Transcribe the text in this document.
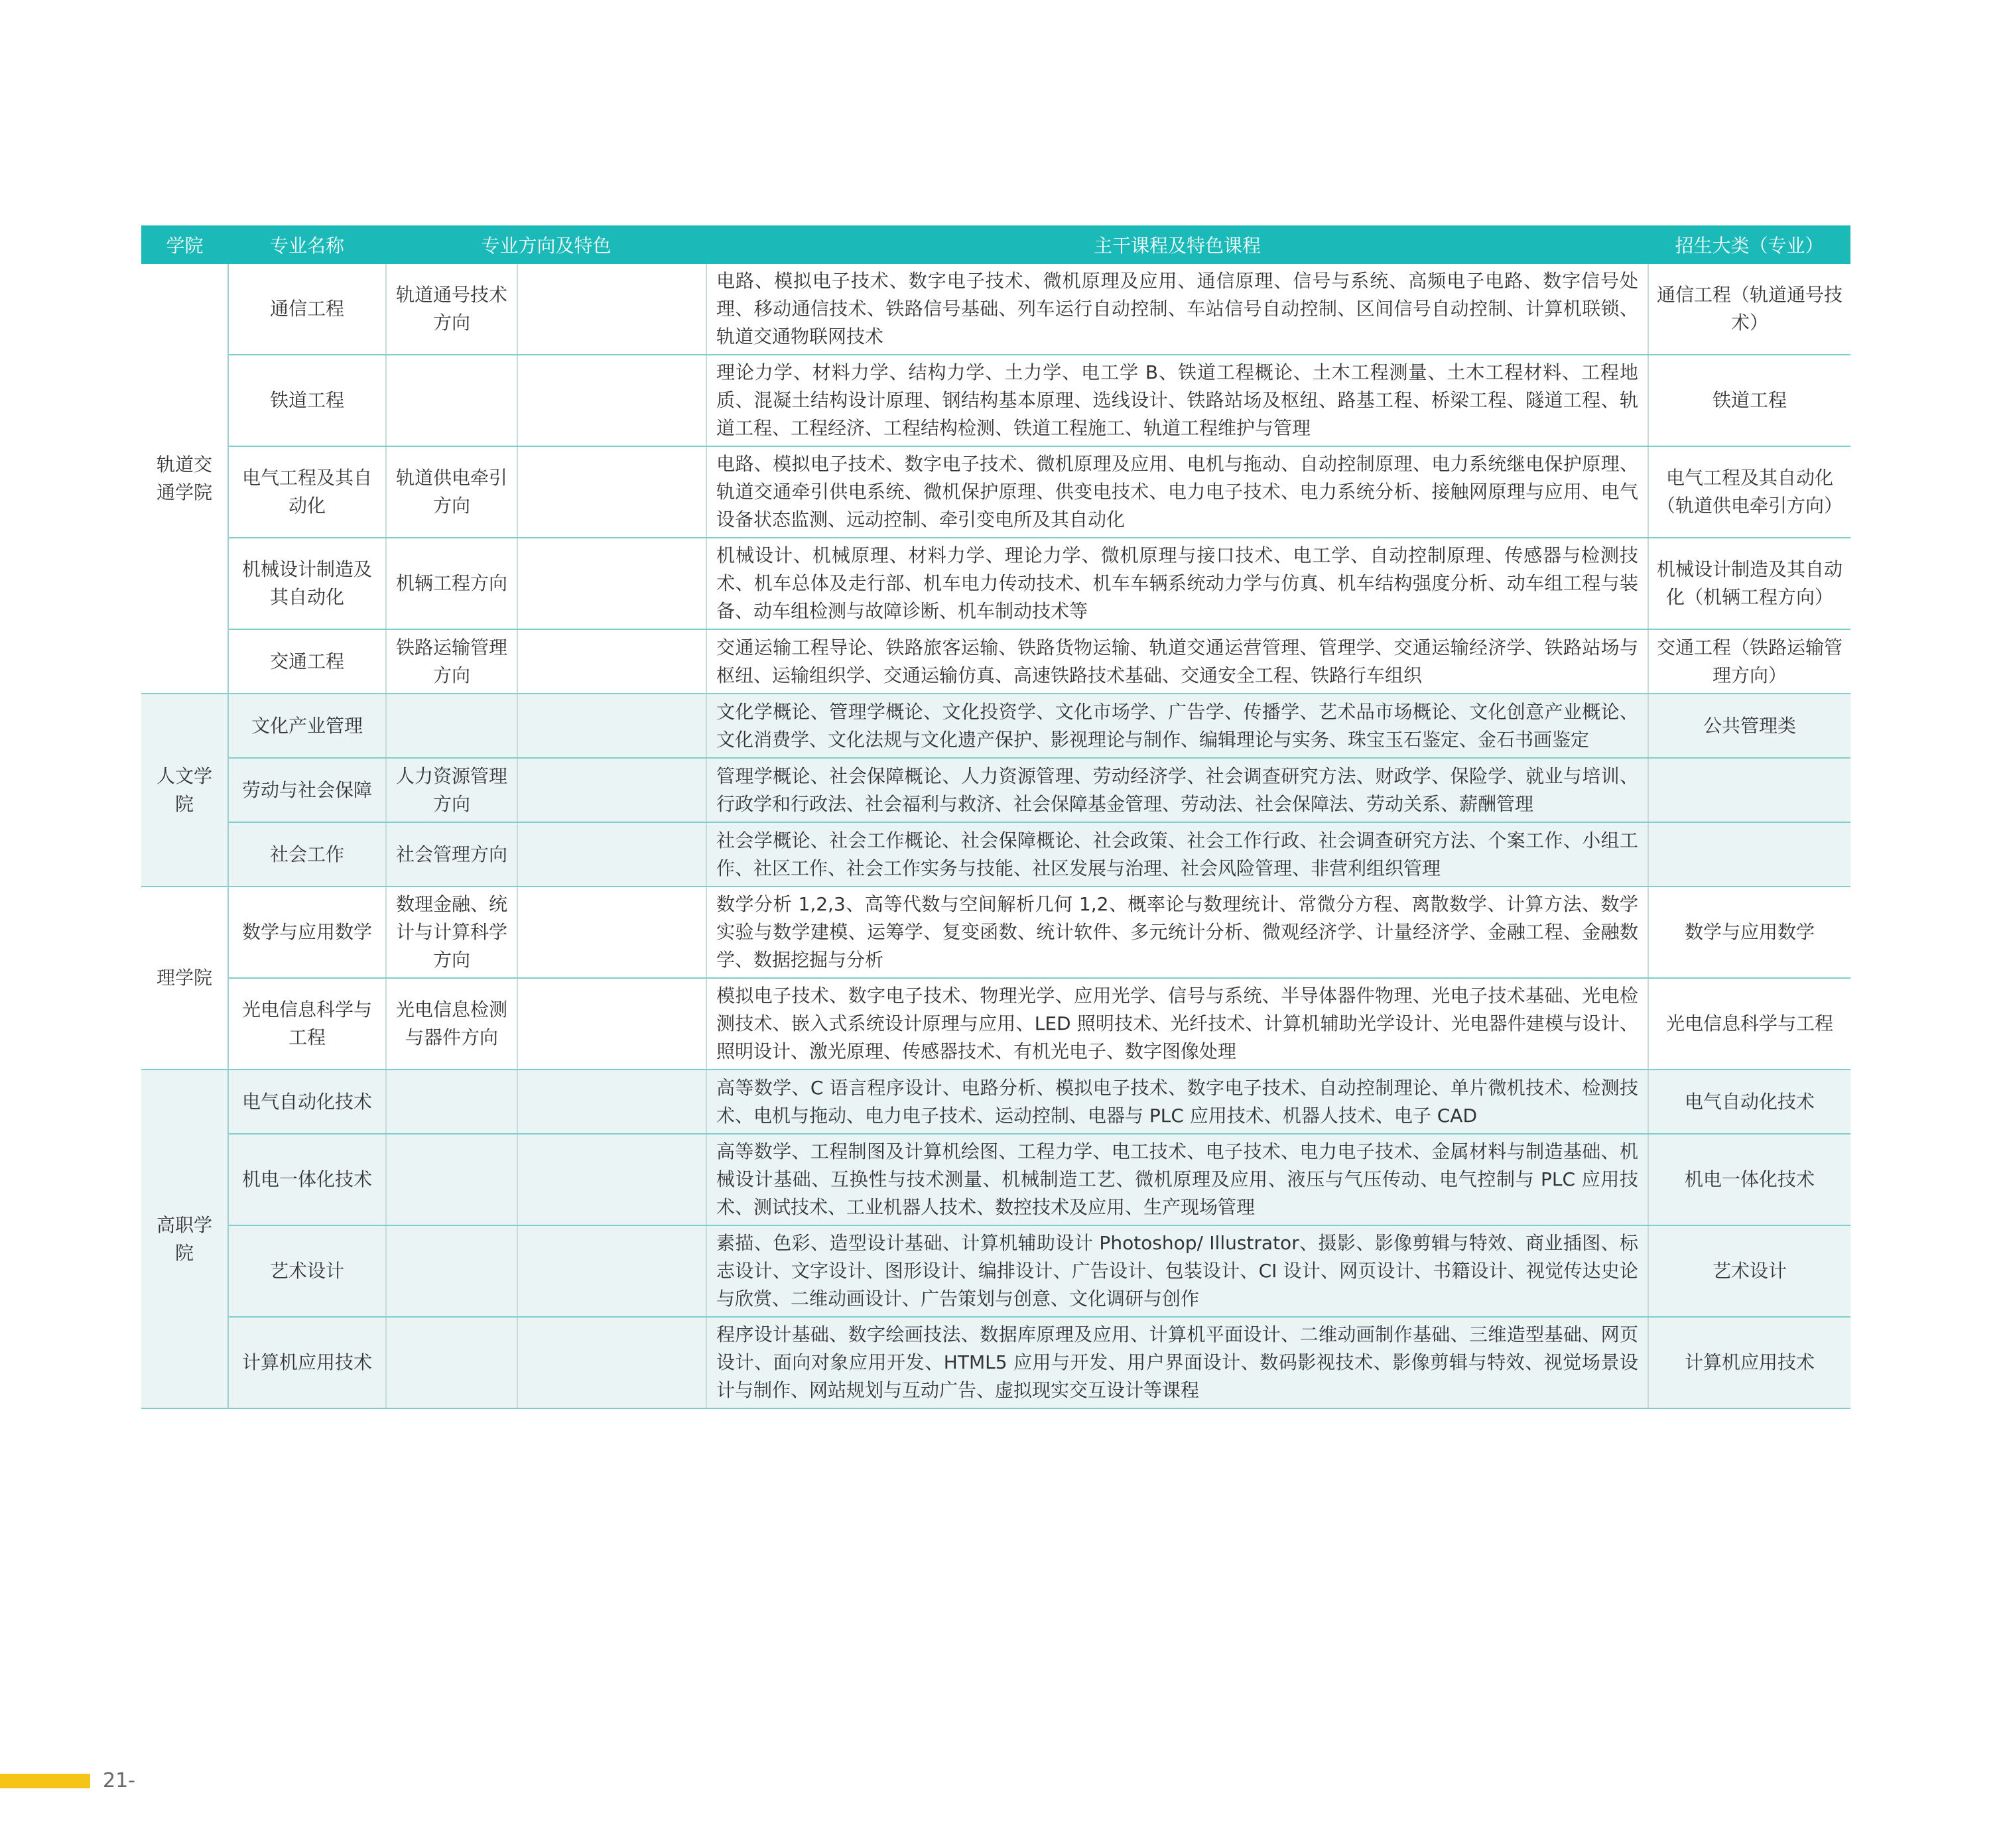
学院	专业名称	专业方向及特色		主干课程及特色课程	招生大类（专业）
轨道交通学院	通信工程	轨道通号技术方向		电路、模拟电子技术、数字电子技术、微机原理及应用、通信原理、信号与系统、高频电子电路、数字信号处理、移动通信技术、铁路信号基础、列车运行自动控制、车站信号自动控制、区间信号自动控制、计算机联锁、轨道交通物联网技术	通信工程（轨道通号技术）
	铁道工程			理论力学、材料力学、结构力学、土力学、电工学 B、铁道工程概论、土木工程测量、土木工程材料、工程地质、混凝土结构设计原理、钢结构基本原理、选线设计、铁路站场及枢纽、路基工程、桥梁工程、隧道工程、轨道工程、工程经济、工程结构检测、铁道工程施工、轨道工程维护与管理	铁道工程
	电气工程及其自动化	轨道供电牵引方向		电路、模拟电子技术、数字电子技术、微机原理及应用、电机与拖动、自动控制原理、电力系统继电保护原理、轨道交通牵引供电系统、微机保护原理、供变电技术、电力电子技术、电力系统分析、接触网原理与应用、电气设备状态监测、远动控制、牵引变电所及其自动化	电气工程及其自动化（轨道供电牵引方向）
	机械设计制造及其自动化	机辆工程方向		机械设计、机械原理、材料力学、理论力学、微机原理与接口技术、电工学、自动控制原理、传感器与检测技术、机车总体及走行部、机车电力传动技术、机车车辆系统动力学与仿真、机车结构强度分析、动车组工程与装备、动车组检测与故障诊断、机车制动技术等	机械设计制造及其自动化（机辆工程方向）
	交通工程	铁路运输管理方向		交通运输工程导论、铁路旅客运输、铁路货物运输、轨道交通运营管理、管理学、交通运输经济学、铁路站场与枢纽、运输组织学、交通运输仿真、高速铁路技术基础、交通安全工程、铁路行车组织	交通工程（铁路运输管理方向）
人文学院	文化产业管理			文化学概论、管理学概论、文化投资学、文化市场学、广告学、传播学、艺术品市场概论、文化创意产业概论、文化消费学、文化法规与文化遗产保护、影视理论与制作、编辑理论与实务、珠宝玉石鉴定、金石书画鉴定	公共管理类
	劳动与社会保障	人力资源管理方向		管理学概论、社会保障概论、人力资源管理、劳动经济学、社会调查研究方法、财政学、保险学、就业与培训、行政学和行政法、社会福利与救济、社会保障基金管理、劳动法、社会保障法、劳动关系、薪酬管理	
	社会工作	社会管理方向		社会学概论、社会工作概论、社会保障概论、社会政策、社会工作行政、社会调查研究方法、个案工作、小组工作、社区工作、社会工作实务与技能、社区发展与治理、社会风险管理、非营利组织管理	
理学院	数学与应用数学	数理金融、统计与计算科学方向		数学分析 1,2,3、高等代数与空间解析几何 1,2、概率论与数理统计、常微分方程、离散数学、计算方法、数学实验与数学建模、运筹学、复变函数、统计软件、多元统计分析、微观经济学、计量经济学、金融工程、金融数学、数据挖掘与分析	数学与应用数学
	光电信息科学与工程	光电信息检测与器件方向		模拟电子技术、数字电子技术、物理光学、应用光学、信号与系统、半导体器件物理、光电子技术基础、光电检测技术、嵌入式系统设计原理与应用、LED 照明技术、光纤技术、计算机辅助光学设计、光电器件建模与设计、照明设计、激光原理、传感器技术、有机光电子、数字图像处理	光电信息科学与工程
高职学院	电气自动化技术			高等数学、C 语言程序设计、电路分析、模拟电子技术、数字电子技术、自动控制理论、单片微机技术、检测技术、电机与拖动、电力电子技术、运动控制、电器与 PLC 应用技术、机器人技术、电子 CAD	电气自动化技术
	机电一体化技术			高等数学、工程制图及计算机绘图、工程力学、电工技术、电子技术、电力电子技术、金属材料与制造基础、机械设计基础、互换性与技术测量、机械制造工艺、微机原理及应用、液压与气压传动、电气控制与 PLC 应用技术、测试技术、工业机器人技术、数控技术及应用、生产现场管理	机电一体化技术
	艺术设计			素描、色彩、造型设计基础、计算机辅助设计 Photoshop/ Illustrator、摄影、影像剪辑与特效、商业插图、标志设计、文字设计、图形设计、编排设计、广告设计、包装设计、CI 设计、网页设计、书籍设计、视觉传达史论与欣赏、二维动画设计、广告策划与创意、文化调研与创作	艺术设计
	计算机应用技术			程序设计基础、数字绘画技法、数据库原理及应用、计算机平面设计、二维动画制作基础、三维造型基础、网页设计、面向对象应用开发、HTML5 应用与开发、用户界面设计、数码影视技术、影像剪辑与特效、视觉场景设计与制作、网站规划与互动广告、虚拟现实交互设计等课程	计算机应用技术
21-
